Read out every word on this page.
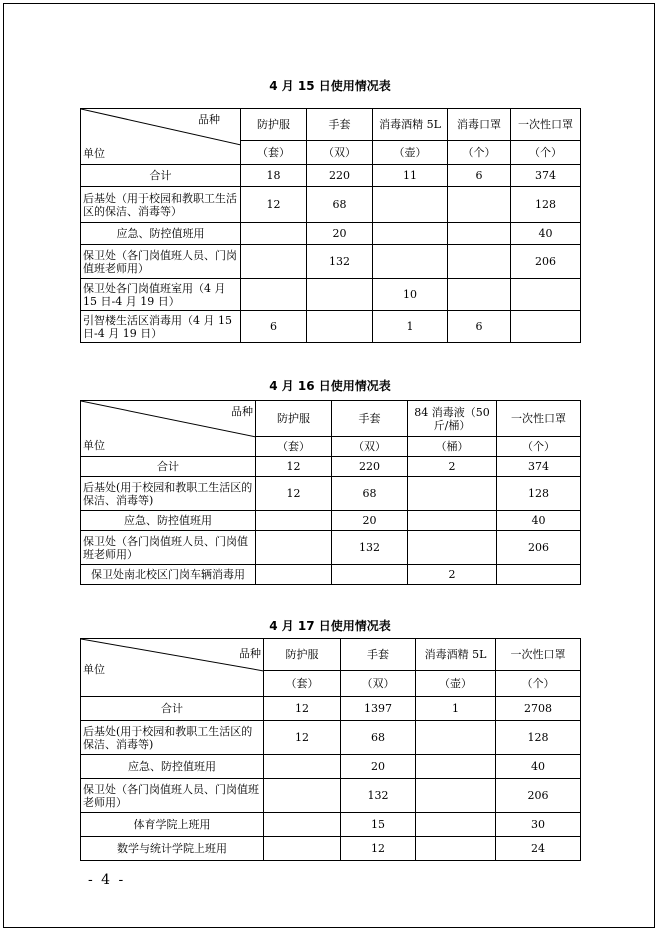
4 月 15 日使用情况表
品种
单位	防护服	手套	消毒酒精 5L	消毒口罩	一次性口罩
	（套）	（双）	（壶）	（个）	（个）
合计	18	220	11	6	374
后基处（用于校园和教职工生活区的保洁、消毒等）	12	68			128
应急、防控值班用		20			40
保卫处（各门岗值班人员、门岗值班老师用）		132			206
保卫处各门岗值班室用（4 月 15 日-4 月 19 日）			10		
引智楼生活区消毒用（4 月 15 日-4 月 19 日）	6		1	6	
4 月 16 日使用情况表
品种
单位	防护服	手套	84 消毒液（50 斤/桶）	一次性口罩
	（套）	（双）	（桶）	（个）
合计	12	220	2	374
后基处(用于校园和教职工生活区的保洁、消毒等)	12	68		128
应急、防控值班用		20		40
保卫处（各门岗值班人员、门岗值班老师用）		132		206
保卫处南北校区门岗车辆消毒用			2	
4 月 17 日使用情况表
品种
单位	防护服	手套	消毒酒精 5L	一次性口罩
	（套）	（双）	（壶）	（个）
合计	12	1397	1	2708
后基处(用于校园和教职工生活区的保洁、消毒等)	12	68		128
应急、防控值班用		20		40
保卫处（各门岗值班人员、门岗值班老师用）		132		206
体育学院上班用		15		30
数学与统计学院上班用		12		24
- 4 -
